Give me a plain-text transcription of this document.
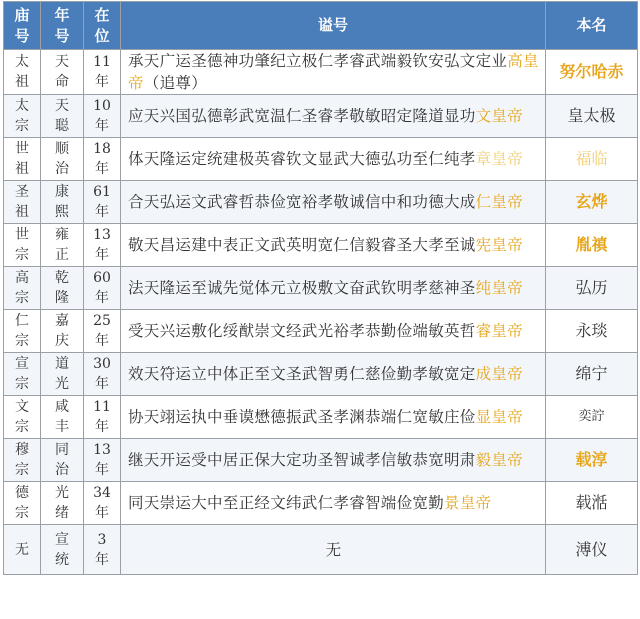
庙号	年号	在位	谥号	本名
太祖	天命	11年	承天广运圣德神功肇纪立极仁孝睿武端毅钦安弘文定业高皇帝（追尊）	努尔哈赤
太宗	天聪	10年	应天兴国弘德彰武宽温仁圣睿孝敬敏昭定隆道显功文皇帝	皇太极
世祖	顺治	18年	体天隆运定统建极英睿钦文显武大德弘功至仁纯孝章皇帝	福临
圣祖	康熙	61年	合天弘运文武睿哲恭俭宽裕孝敬诚信中和功德大成仁皇帝	玄烨
世宗	雍正	13年	敬天昌运建中表正文武英明宽仁信毅睿圣大孝至诚宪皇帝	胤禛
高宗	乾隆	60年	法天隆运至诚先觉体元立极敷文奋武钦明孝慈神圣纯皇帝	弘历
仁宗	嘉庆	25年	受天兴运敷化绥猷崇文经武光裕孝恭勤俭端敏英哲睿皇帝	永琰
宣宗	道光	30年	效天符运立中体正至文圣武智勇仁慈俭勤孝敏宽定成皇帝	绵宁
文宗	咸丰	11年	协天翊运执中垂谟懋德振武圣孝渊恭端仁宽敏庄俭显皇帝	奕詝
穆宗	同治	13年	继天开运受中居正保大定功圣智诚孝信敏恭宽明肃毅皇帝	载淳
德宗	光绪	34年	同天崇运大中至正经文纬武仁孝睿智端俭宽勤景皇帝	载湉
无	宣统	3年	无	溥仪
